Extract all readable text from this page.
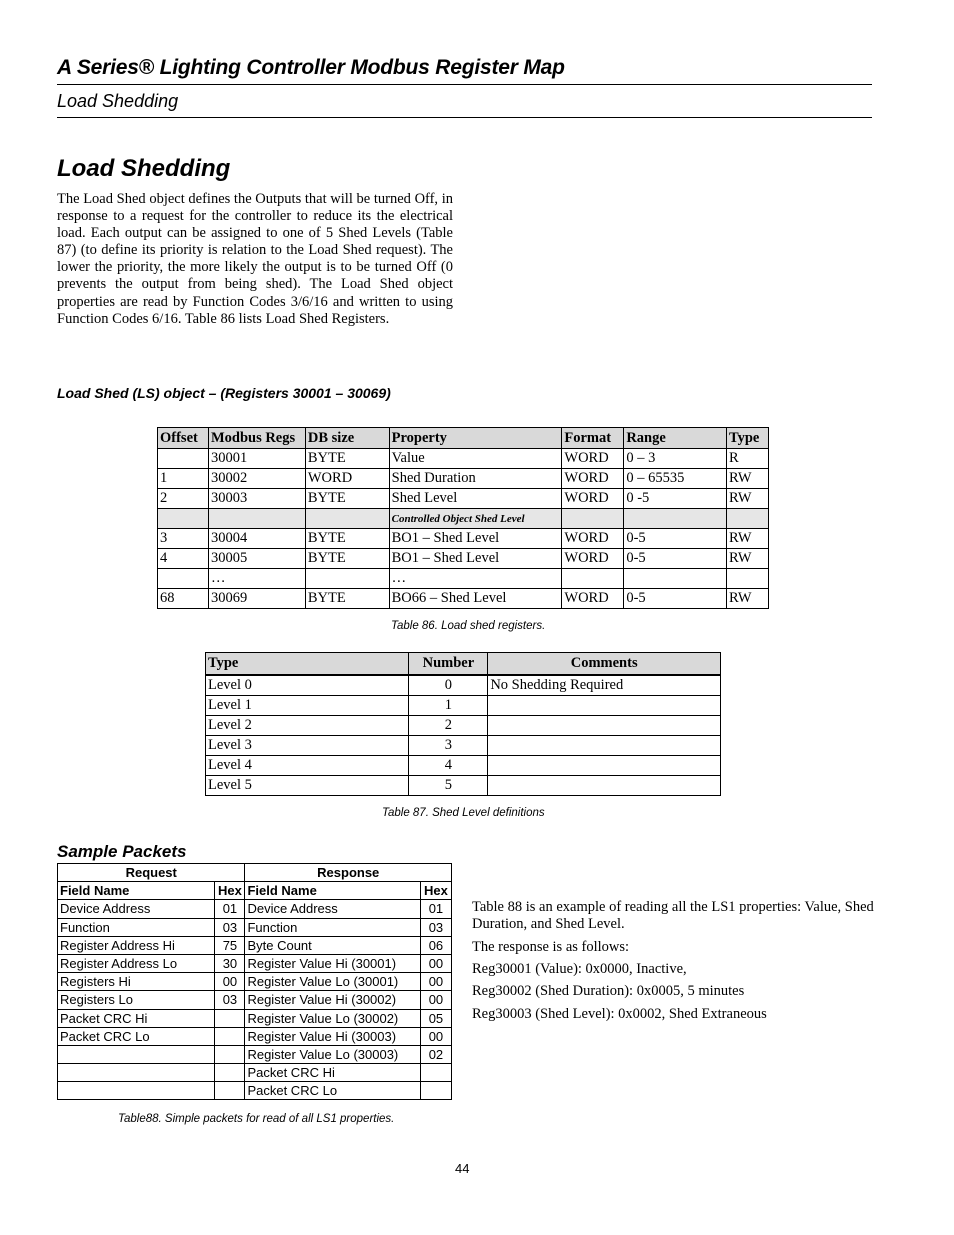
A Series® Lighting Controller Modbus Register Map
Load Shedding
Load Shedding

The Load Shed object defines the Outputs that will be turned Off, in response to a request for the controller to reduce its the electrical load. Each output can be assigned to one of 5 Shed Levels (Table 87) (to define its priority is relation to the Load Shed request). The lower the priority, the more likely the output is to be turned Off (0 prevents the output from being shed). The Load Shed object properties are read by Function Codes 3/6/16 and written to using Function Codes 6/16. Table 86 lists Load Shed Registers.

Load Shed (LS) object – (Registers 30001 – 30069)
Offset	Modbus Regs	DB size	Property	Format	Range	Type
	30001	BYTE	Value	WORD	0 – 3	R
1	30002	WORD	Shed Duration	WORD	0 – 65535	RW
2	30003	BYTE	Shed Level	WORD	0 -5	RW
			Controlled Object Shed Level			
3	30004	BYTE	BO1 – Shed Level	WORD	0-5	RW
4	30005	BYTE	BO1 – Shed Level	WORD	0-5	RW
	…		…			
68	30069	BYTE	BO66 – Shed Level	WORD	0-5	RW
Table 86. Load shed registers.
Type	Number	Comments
Level 0	0	No Shedding Required
Level 1	1	
Level 2	2	
Level 3	3	
Level 4	4	
Level 5	5	
Table 87. Shed Level definitions
Sample Packets
Request		Response	
Field Name	Hex	Field Name	Hex
Device Address	01	Device Address	01
Function	03	Function	03
Register Address Hi	75	Byte Count	06
Register Address Lo	30	Register Value Hi (30001)	00
Registers Hi	00	Register Value Lo (30001)	00
Registers Lo	03	Register Value Hi (30002)	00
Packet CRC Hi		Register Value Lo (30002)	05
Packet CRC Lo		Register Value Hi (30003)	00
		Register Value Lo (30003)	02
		Packet CRC Hi	
		Packet CRC Lo	
Table88. Simple packets for read of all LS1 properties.

Table 88 is an example of reading all the LS1 properties: Value, Shed Duration, and Shed Level.

The response is as follows:

Reg30001 (Value): 0x0000, Inactive,

Reg30002 (Shed Duration): 0x0005, 5 minutes

Reg30003 (Shed Level): 0x0002, Shed Extraneous

44
